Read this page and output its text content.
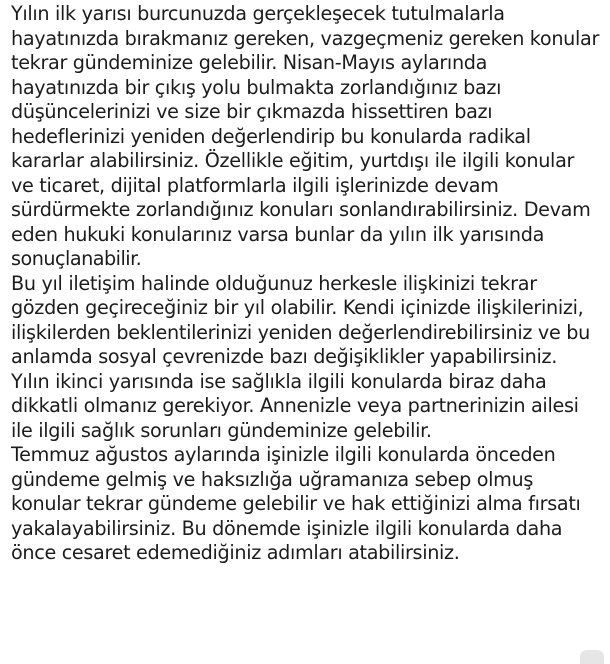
Yılın ilk yarısı burcunuzda gerçekleşecek tutulmalarla
hayatınızda bırakmanız gereken, vazgeçmeniz gereken konular
tekrar gündeminize gelebilir. Nisan-Mayıs aylarında
hayatınızda bir çıkış yolu bulmakta zorlandığınız bazı
düşüncelerinizi ve size bir çıkmazda hissettiren bazı
hedeflerinizi yeniden değerlendirip bu konularda radikal
kararlar alabilirsiniz. Özellikle eğitim, yurtdışı ile ilgili konular
ve ticaret, dijital platformlarla ilgili işlerinizde devam
sürdürmekte zorlandığınız konuları sonlandırabilirsiniz. Devam
eden hukuki konularınız varsa bunlar da yılın ilk yarısında
sonuçlanabilir.

Bu yıl iletişim halinde olduğunuz herkesle ilişkinizi tekrar
gözden geçireceğiniz bir yıl olabilir. Kendi içinizde ilişkilerinizi,
ilişkilerden beklentilerinizi yeniden değerlendirebilirsiniz ve bu
anlamda sosyal çevrenizde bazı değişiklikler yapabilirsiniz.

Yılın ikinci yarısında ise sağlıkla ilgili konularda biraz daha
dikkatli olmanız gerekiyor. Annenizle veya partnerinizin ailesi
ile ilgili sağlık sorunları gündeminize gelebilir.

Temmuz ağustos aylarında işinizle ilgili konularda önceden
gündeme gelmiş ve haksızlığa uğramanıza sebep olmuş
konular tekrar gündeme gelebilir ve hak ettiğinizi alma fırsatı
yakalayabilirsiniz. Bu dönemde işinizle ilgili konularda daha
önce cesaret edemediğiniz adımları atabilirsiniz.
